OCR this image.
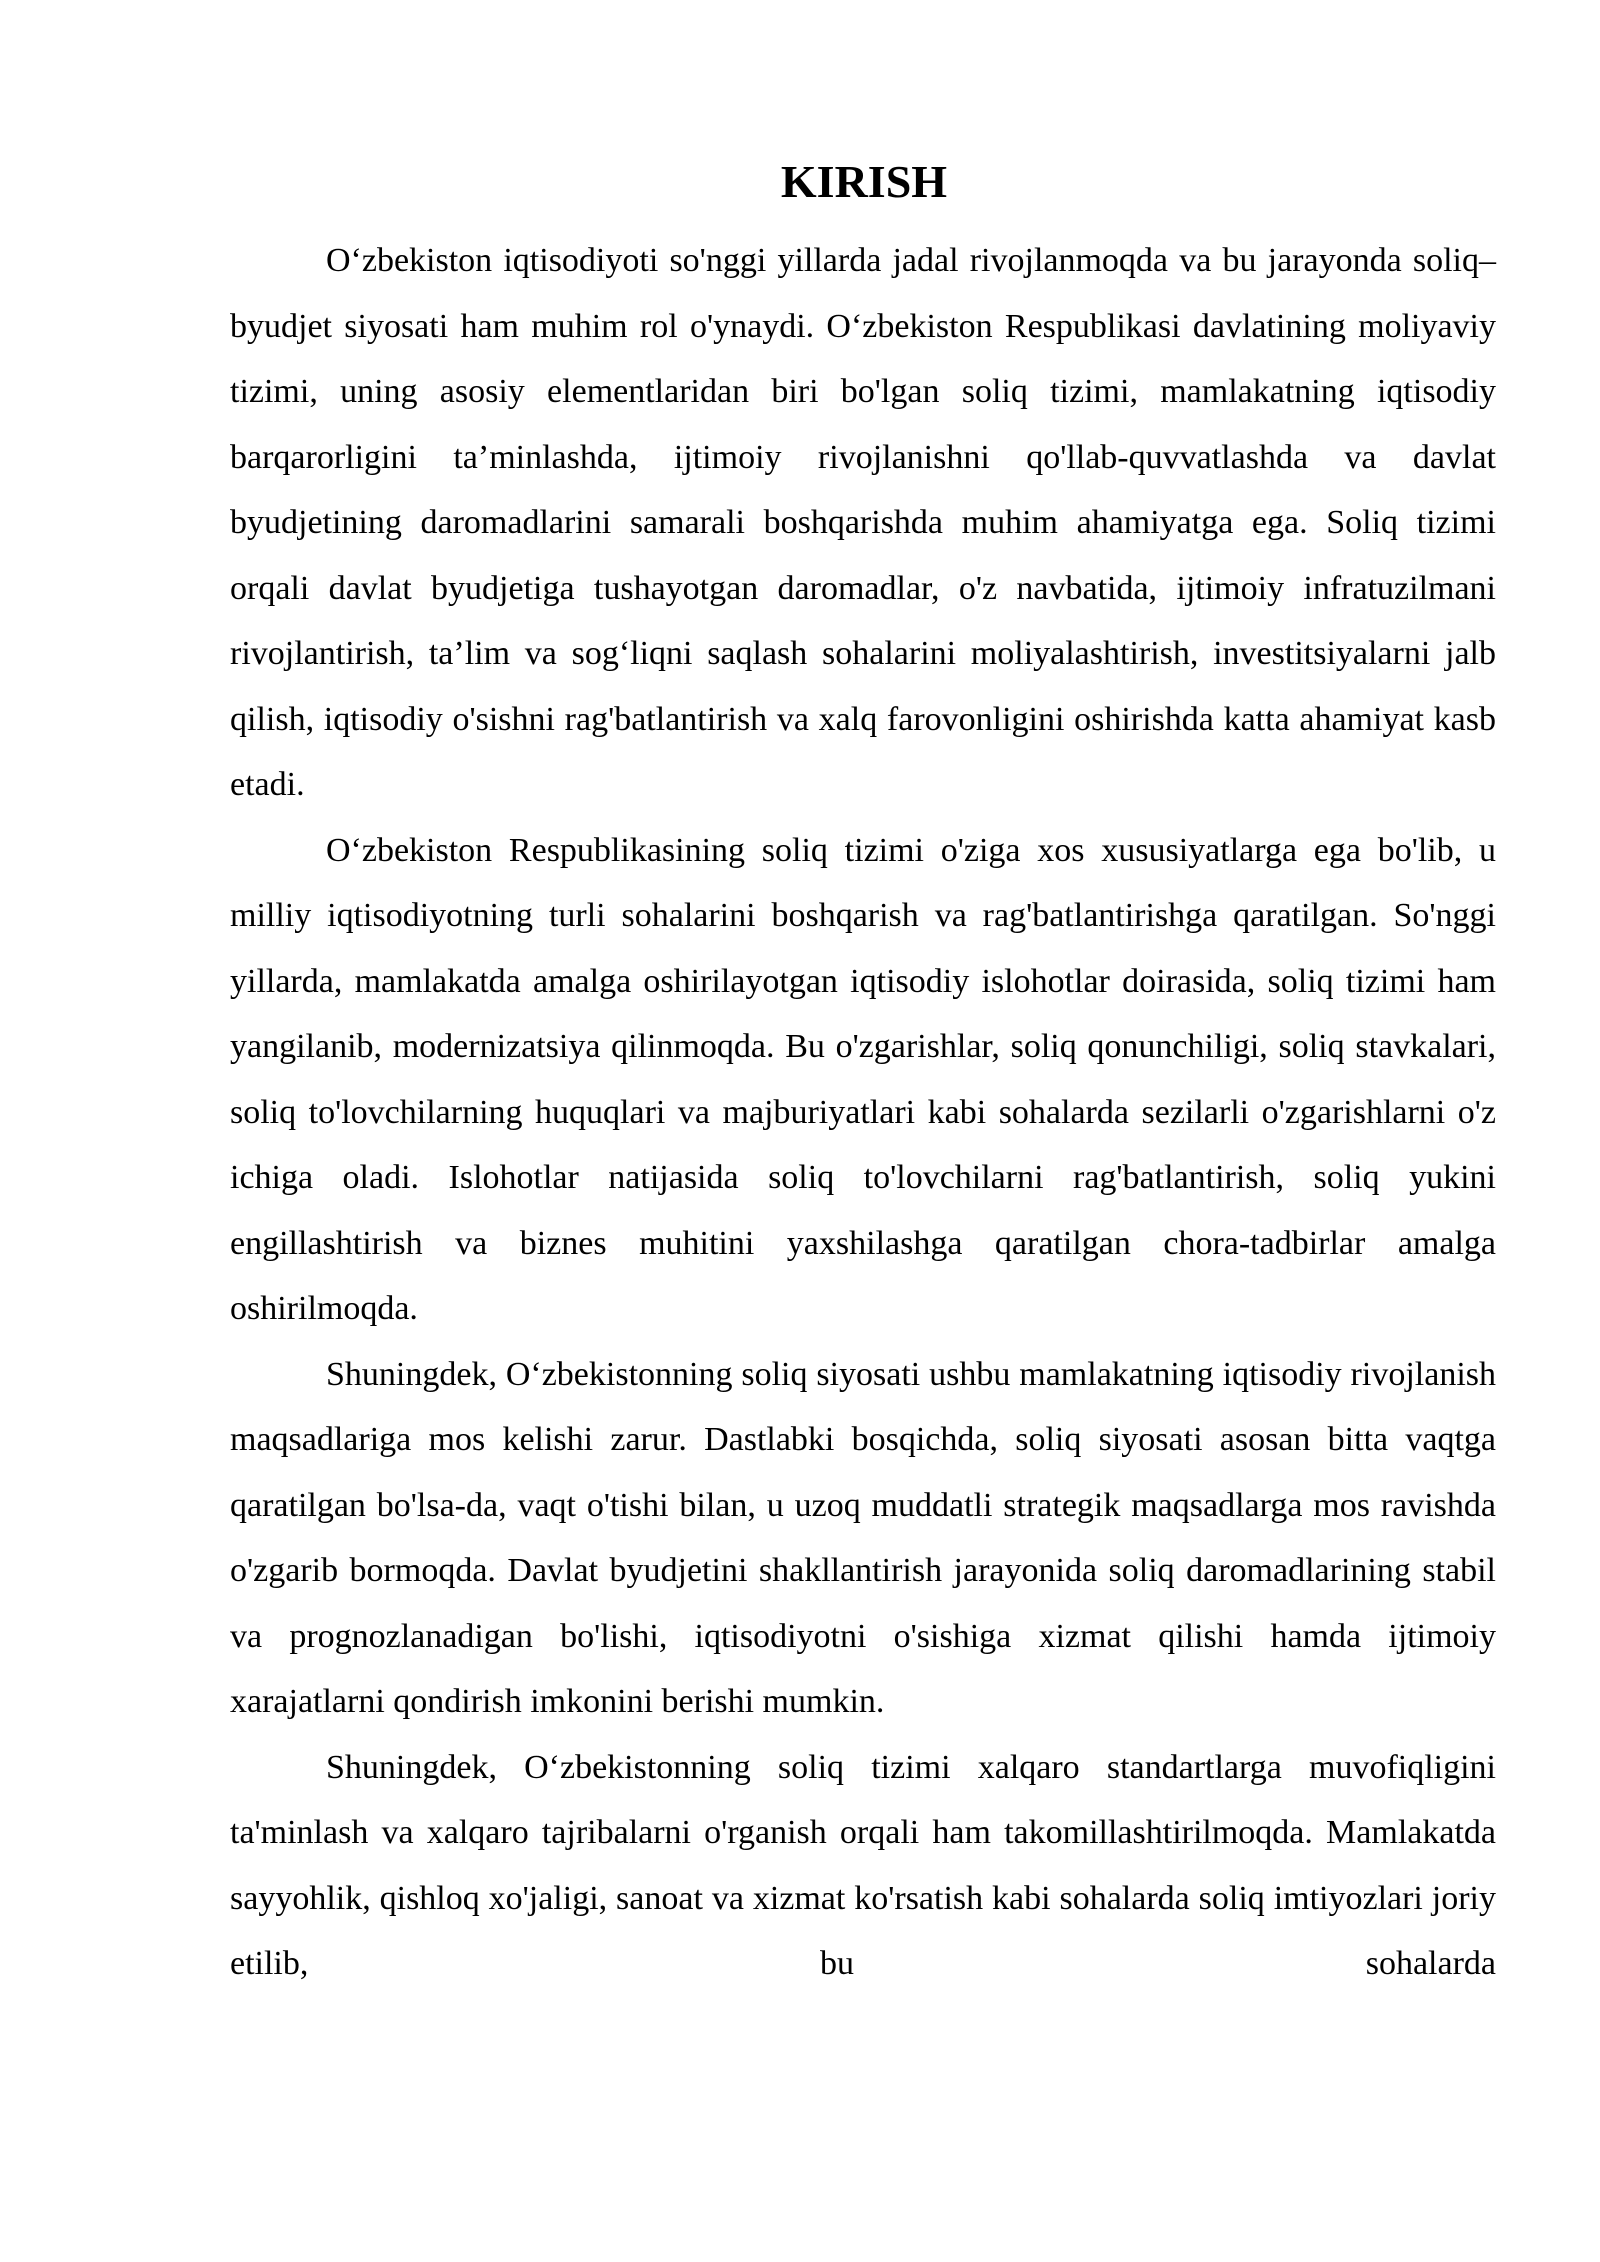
KIRISH

O‘zbekiston iqtisodiyoti so'nggi yillarda jadal rivojlanmoqda va bu jarayonda soliq–byudjet siyosati ham muhim rol o'ynaydi. O‘zbekiston Respublikasi davlatining moliyaviy tizimi, uning asosiy elementlaridan biri bo'lgan soliq tizimi, mamlakatning iqtisodiy barqarorligini ta’minlashda, ijtimoiy rivojlanishni qo'llab-quvvatlashda va davlat byudjetining daromadlarini samarali boshqarishda muhim ahamiyatga ega. Soliq tizimi orqali davlat byudjetiga tushayotgan daromadlar, o'z navbatida, ijtimoiy infratuzilmani rivojlantirish, ta’lim va sog‘liqni saqlash sohalarini moliyalashtirish, investitsiyalarni jalb qilish, iqtisodiy o'sishni rag'batlantirish va xalq farovonligini oshirishda katta ahamiyat kasb etadi.

O‘zbekiston Respublikasining soliq tizimi o'ziga xos xususiyatlarga ega bo'lib, u milliy iqtisodiyotning turli sohalarini boshqarish va rag'batlantirishga qaratilgan. So'nggi yillarda, mamlakatda amalga oshirilayotgan iqtisodiy islohotlar doirasida, soliq tizimi ham yangilanib, modernizatsiya qilinmoqda. Bu o'zgarishlar, soliq qonunchiligi, soliq stavkalari, soliq to'lovchilarning huquqlari va majburiyatlari kabi sohalarda sezilarli o'zgarishlarni o'z ichiga oladi. Islohotlar natijasida soliq to'lovchilarni rag'batlantirish, soliq yukini engillashtirish va biznes muhitini yaxshilashga qaratilgan chora-tadbirlar amalga oshirilmoqda.

Shuningdek, O‘zbekistonning soliq siyosati ushbu mamlakatning iqtisodiy rivojlanish maqsadlariga mos kelishi zarur. Dastlabki bosqichda, soliq siyosati asosan bitta vaqtga qaratilgan bo'lsa-da, vaqt o'tishi bilan, u uzoq muddatli strategik maqsadlarga mos ravishda o'zgarib bormoqda. Davlat byudjetini shakllantirish jarayonida soliq daromadlarining stabil va prognozlanadigan bo'lishi, iqtisodiyotni o'sishiga xizmat qilishi hamda ijtimoiy xarajatlarni qondirish imkonini berishi mumkin.

Shuningdek, O‘zbekistonning soliq tizimi xalqaro standartlarga muvofiqligini ta'minlash va xalqaro tajribalarni o'rganish orqali ham takomillashtirilmoqda. Mamlakatda sayyohlik, qishloq xo'jaligi, sanoat va xizmat ko'rsatish kabi sohalarda soliq imtiyozlari joriy etilib, bu sohalarda
